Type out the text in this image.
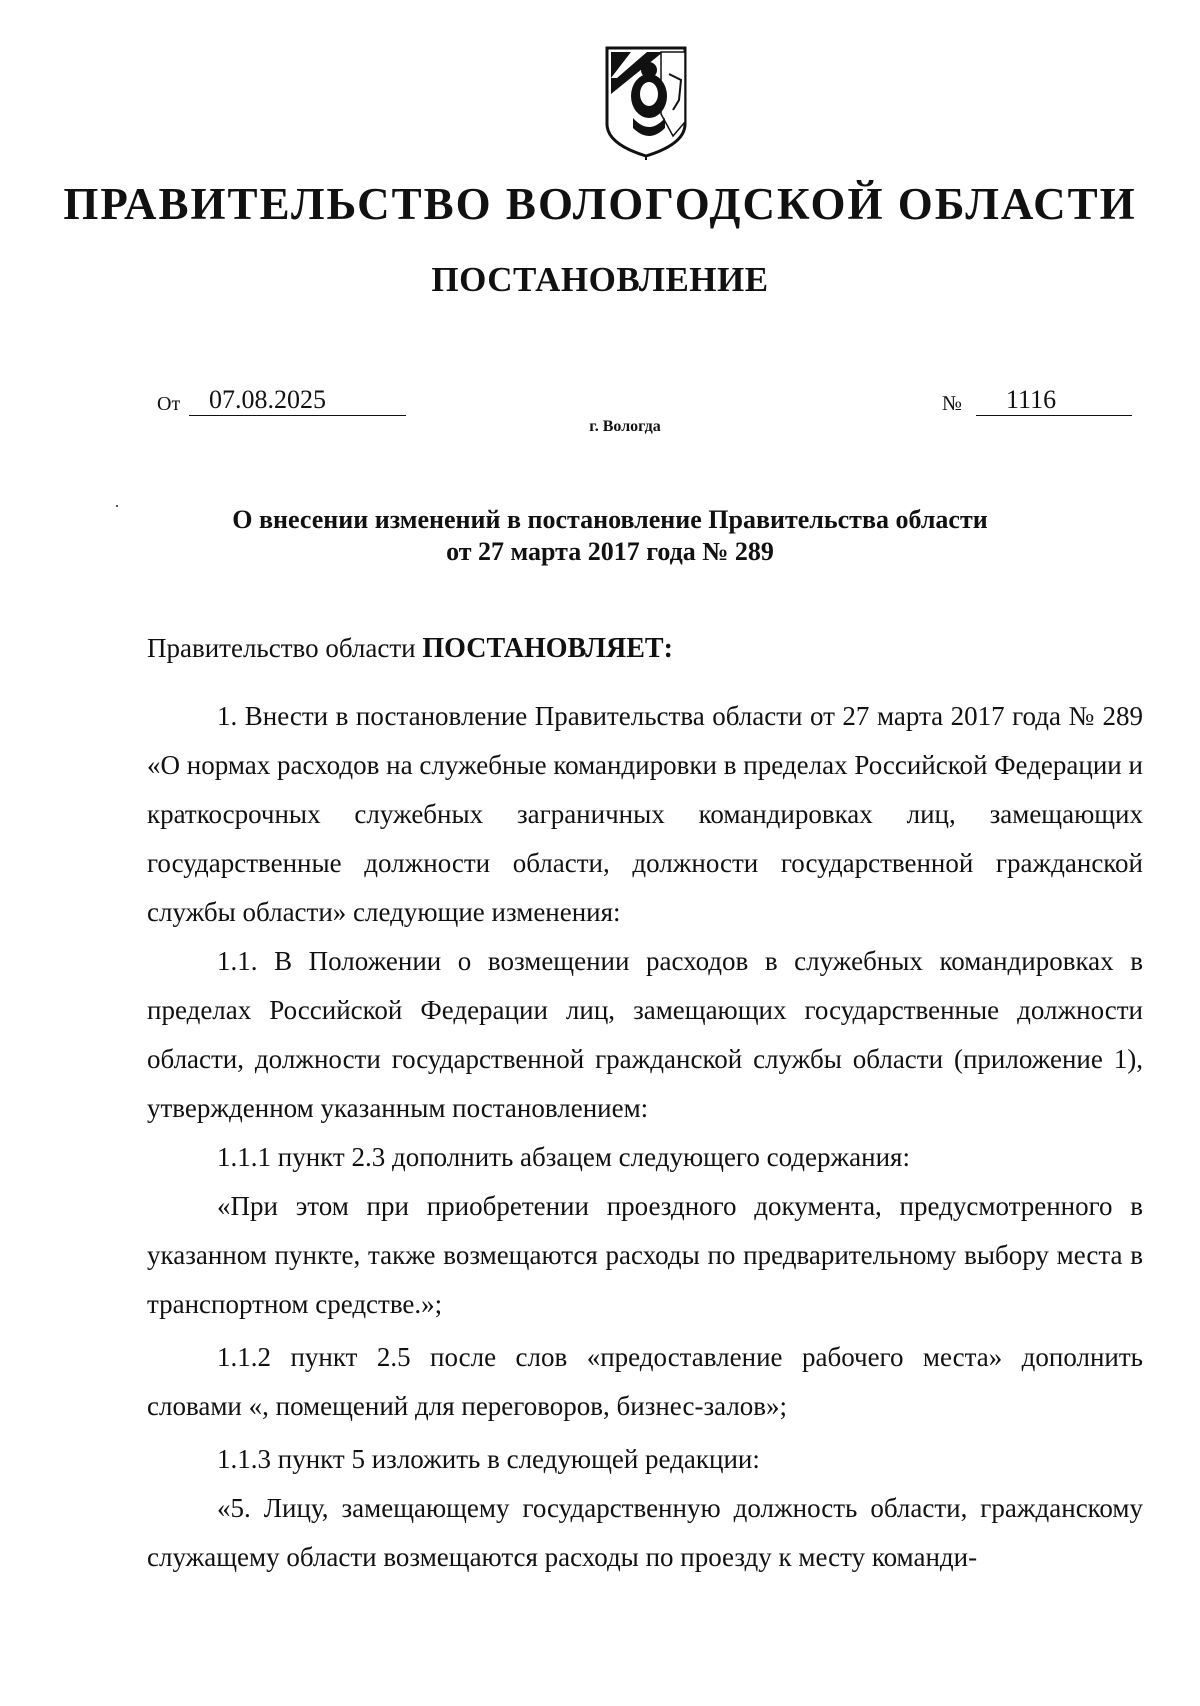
ПРАВИТЕЛЬСТВО ВОЛОГОДСКОЙ ОБЛАСТИ
ПОСТАНОВЛЕНИЕ
От	07.08.2025	№	1116
г. Вологда
О внесении изменений в постановление Правительства области
от 27 марта 2017 года № 289
Правительство области ПОСТАНОВЛЯЕТ:

1. Внести в постановление Правительства области от 27 марта 2017 года № 289 «О нормах расходов на служебные командировки в пределах Российской Федерации и краткосрочных служебных заграничных командировках лиц, замещающих государственные должности области, должности государственной гражданской службы области» следующие изменения:

1.1. В Положении о возмещении расходов в служебных командировках в пределах Российской Федерации лиц, замещающих государственные должности области, должности государственной гражданской службы области (приложение 1), утвержденном указанным постановлением:

1.1.1 пункт 2.3 дополнить абзацем следующего содержания:

«При этом при приобретении проездного документа, предусмотренного в указанном пункте, также возмещаются расходы по предварительному выбору места в транспортном средстве.»;

1.1.2 пункт 2.5 после слов «предоставление рабочего места» дополнить словами «, помещений для переговоров, бизнес-залов»;

1.1.3 пункт 5 изложить в следующей редакции:

«5. Лицу, замещающему государственную должность области, гражданскому служащему области возмещаются расходы по проезду к месту команди-
